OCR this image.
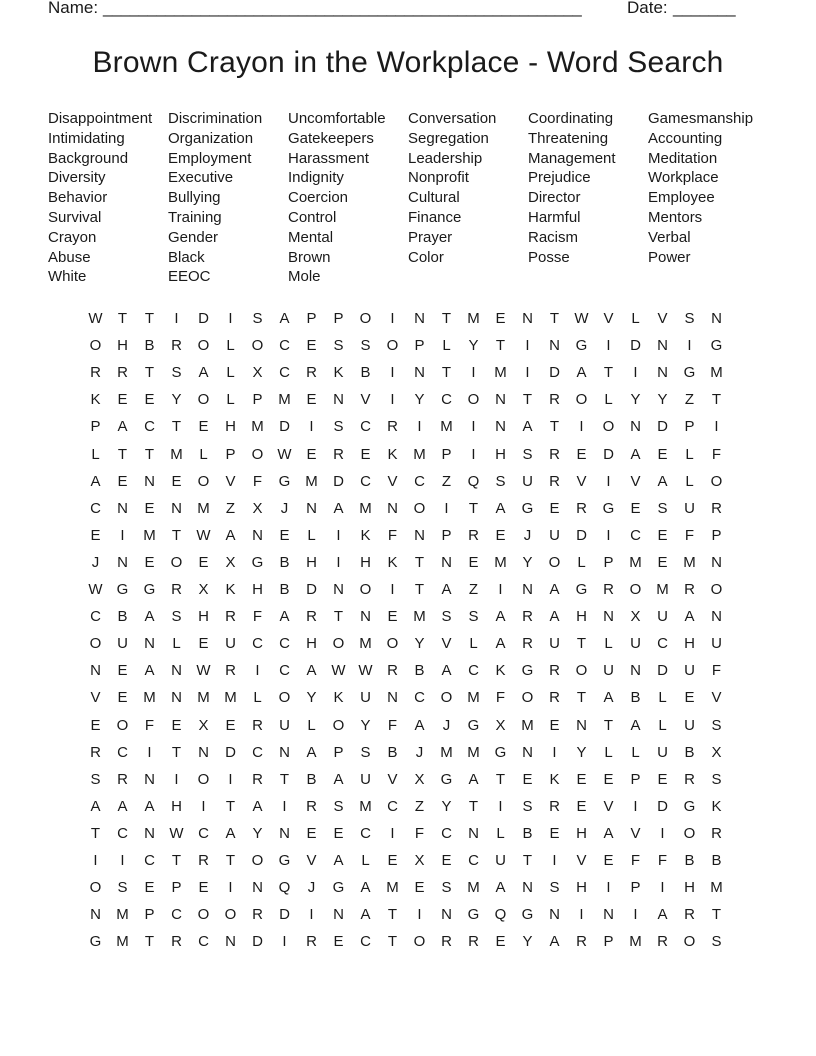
Name: ______________________________________________________	Date: _______
Brown Crayon in the Workplace - Word Search
Disappointment
Intimidating
Background
Diversity
Behavior
Survival
Crayon
Abuse
White
Discrimination
Organization
Employment
Executive
Bullying
Training
Gender
Black
EEOC
Uncomfortable
Gatekeepers
Harassment
Indignity
Coercion
Control
Mental
Brown
Mole
Conversation
Segregation
Leadership
Nonprofit
Cultural
Finance
Prayer
Color
Coordinating
Threatening
Management
Prejudice
Director
Harmful
Racism
Posse
Gamesmanship
Accounting
Meditation
Workplace
Employee
Mentors
Verbal
Power
W	T	T	I	D	I	S	A	P	P	O	I	N	T	M	E	N	T	W V	L	V	S	N
O	H	B	R	O	L	O	C	E	S	S	O	P	L	Y	T	I	N	G	I	D	N	I	G
R	R	T	S	A	L	X	C	R	K	B	I	N	T	I	M	I	D	A	T	I	N	G M
K	E	E	Y	O	L	P	M	E	N	V	I	Y	C	O	N	T	R	O	L	Y	Y	Z	T
P	A	C	T	E	H	M	D	I	S	C	R	I	M	I	N	A	T	I	O	N	D	P	I
L	T	T	M	L	P	O W E	R	E	K	M	P	I	H	S	R	E	D	A	E	L	F
A	E	N	E	O	V	F	G M	D	C	V	C	Z	Q	S	U	R	V	I	V	A	L	O
C	N	E	N	M	Z	X	J	N	A	M	N	O	I	T	A	G	E	R	G	E	S	U	R
E	I	M	T	W A	N	E	L	I	K	F	N	P	R	E	J	U	D	I	C	E	F	P
J	N	E	O	E	X	G	B	H	I	H	K	T	N	E	M	Y	O	L	P	M	E	M	N
W G	G	R	X	K	H	B	D	N	O	I	T	A	Z	I	N	A	G	R	O M	R	O
C	B	A	S	H	R	F	A	R	T	N	E	M	S	S	A	R	A	H	N	X	U	A	N
O	U	N	L	E	U	C	C	H	O M O	Y	V	L	A	R	U	T	L	U	C	H	U
N	E	A	N W R	I	C	A W W R	B	A	C	K	G	R	O	U	N	D	U	F
V	E	M	N	M M	L	O	Y	K	U	N	C	O M	F	O	R	T	A	B	L	E	V
E	O	F	E	X	E	R	U	L	O	Y	F	A	J	G	X	M	E	N	T	A	L	U	S
R	C	I	T	N	D	C	N	A	P	S	B	J	M M G	N	I	Y	L	L	U	B	X
S	R	N	I	O	I	R	T	B	A	U	V	X	G	A	T	E	K	E	E	P	E	R	S
A	A	A	H	I	T	A	I	R	S	M	C	Z	Y	T	I	S	R	E	V	I	D	G	K
T	C	N W C	A	Y	N	E	E	C	I	F	C	N	L	B	E	H	A	V	I	O	R
I	I	C	T	R	T	O	G	V	A	L	E	X	E	C	U	T	I	V	E	F	F	B	B
O	S	E	P	E	I	N	Q	J	G	A	M	E	S	M	A	N	S	H	I	P	I	H	M
N	M	P	C	O	O	R	D	I	N	A	T	I	N	G	Q	G	N	I	N	I	A	R	T
G M	T	R	C	N	D	I	R	E	C	T	O	R	R	E	Y	A	R	P	M	R	O	S
